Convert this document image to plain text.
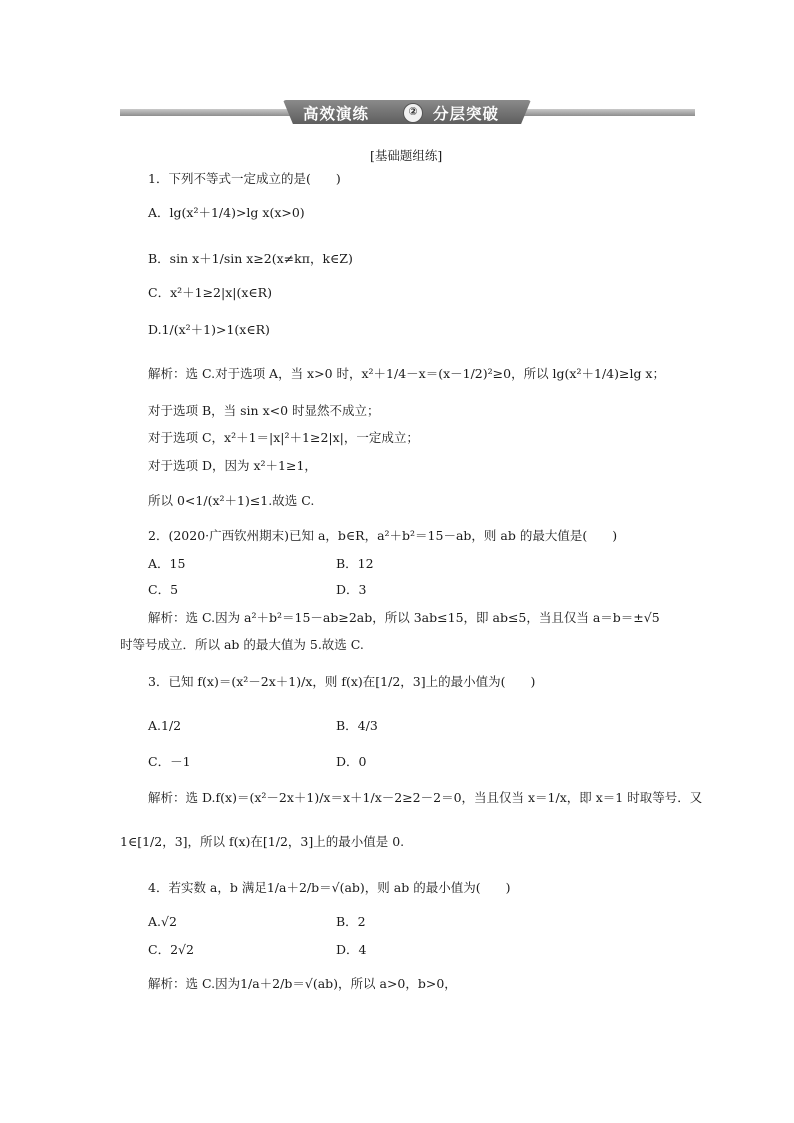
高效演练	② 分层突破
[基础题组练]
1．下列不等式一定成立的是(　　)
A．lg(x²＋1/4)>lg x(x>0)
B．sin x＋1/sin x≥2(x≠kπ，k∈Z)
C．x²＋1≥2|x|(x∈R)
D.1/(x²＋1)>1(x∈R)
解析：选 C.对于选项 A，当 x>0 时，x²＋1/4－x＝(x－1/2)²≥0，所以 lg(x²＋1/4)≥lg x；
对于选项 B，当 sin x<0 时显然不成立；
对于选项 C，x²＋1＝|x|²＋1≥2|x|，一定成立；
对于选项 D，因为 x²＋1≥1，
所以 0<1/(x²＋1)≤1.故选 C.
2．(2020·广西钦州期末)已知 a，b∈R，a²＋b²＝15－ab，则 ab 的最大值是(　　)
A．15	B．12
C．5	D．3
解析：选 C.因为 a²＋b²＝15－ab≥2ab，所以 3ab≤15，即 ab≤5，当且仅当 a＝b＝±√5
时等号成立．所以 ab 的最大值为 5.故选 C.
3．已知 f(x)＝(x²－2x＋1)/x，则 f(x)在[1/2，3]上的最小值为(　　)
A.1/2	B．4/3
C．－1	D．0
解析：选 D.f(x)＝(x²－2x＋1)/x＝x＋1/x－2≥2－2＝0，当且仅当 x＝1/x，即 x＝1 时取等号．又
1∈[1/2，3]，所以 f(x)在[1/2，3]上的最小值是 0.
4．若实数 a，b 满足1/a＋2/b＝√(ab)，则 ab 的最小值为(　　)
A.√2	B．2
C．2√2	D．4
解析：选 C.因为1/a＋2/b＝√(ab)，所以 a>0，b>0，
